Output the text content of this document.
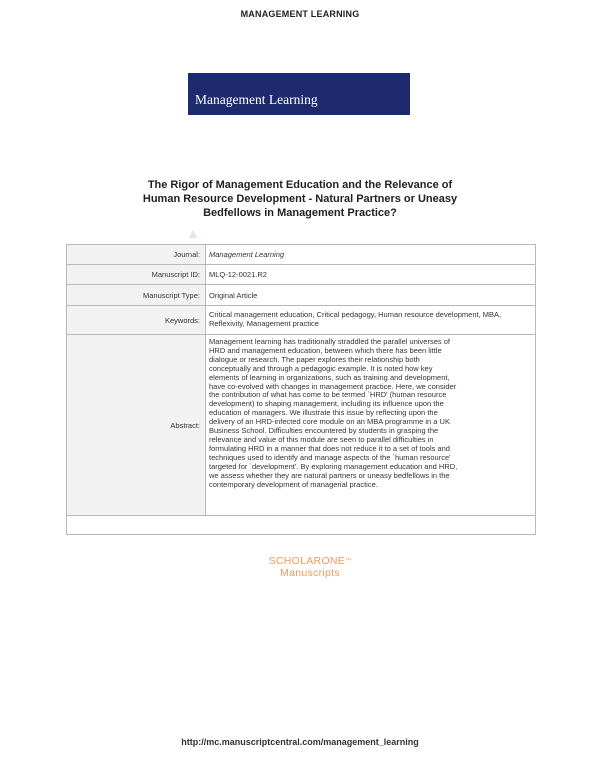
MANAGEMENT LEARNING
Management Learning
The Rigor of Management Education and the Relevance of
Human Resource Development - Natural Partners or Uneasy
Bedfellows in Management Practice?
▲
Journal:	Management Learning
Manuscript ID:	MLQ-12-0021.R2
Manuscript Type:	Original Article
Keywords:
Critical management education, Critical pedagogy, Human resource development, MBA, Reflexivity, Management practice
Abstract:
Management learning has traditionally straddled the parallel universes of
HRD and management education, between which there has been little
dialogue or research. The paper explores their relationship both
conceptually and through a pedagogic example. It is noted how key
elements of learning in organizations, such as training and development,
have co-evolved with changes in management practice. Here, we consider
the contribution of what has come to be termed `HRD' (human resource
development) to shaping management, including its influence upon the
education of managers. We illustrate this issue by reflecting upon the
delivery of an HRD-infected core module on an MBA programme in a UK
Business School. Difficulties encountered by students in grasping the
relevance and value of this module are seen to parallel difficulties in
formulating HRD in a manner that does not reduce it to a set of tools and
techniques used to identify and manage aspects of the `human resource'
targeted for `development'. By exploring management education and HRD,
we assess whether they are natural partners or uneasy bedfellows in the
contemporary development of managerial practice.
SCHOLARONE™
Manuscripts
http://mc.manuscriptcentral.com/management_learning
